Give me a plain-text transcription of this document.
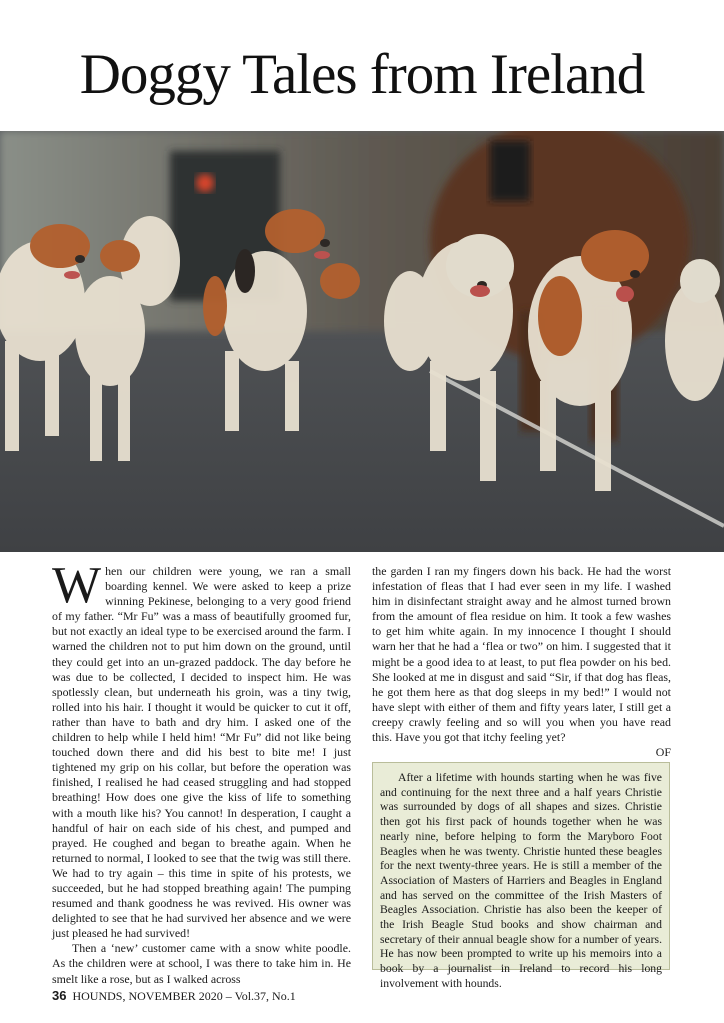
Doggy Tales from Ireland

When our children were young, we ran a small boarding kennel. We were asked to keep a prize winning Pekinese, belonging to a very good friend of my father. “Mr Fu” was a mass of beautifully groomed fur, but not exactly an ideal type to be exercised around the farm. I warned the children not to put him down on the ground, until they could get into an un-grazed paddock. The day before he was due to be collected, I decided to inspect him. He was spotlessly clean, but underneath his groin, was a tiny twig, rolled into his hair. I thought it would be quicker to cut it off, rather than have to bath and dry him. I asked one of the children to help while I held him! “Mr Fu” did not like being touched down there and did his best to bite me! I just tightened my grip on his collar, but before the operation was finished, I realised he had ceased struggling and had stopped breathing! How does one give the kiss of life to something with a mouth like his? You cannot! In desperation, I caught a handful of hair on each side of his chest, and pumped and prayed. He coughed and began to breathe again. When he returned to normal, I looked to see that the twig was still there. We had to try again – this time in spite of his protests, we succeeded, but he had stopped breathing again! The pumping resumed and thank goodness he was revived. His owner was delighted to see that he had survived her absence and we were just pleased he had survived!

Then a ‘new’ customer came with a snow white poodle. As the children were at school, I was there to take him in. He smelt like a rose, but as I walked across

the garden I ran my fingers down his back. He had the worst infestation of fleas that I had ever seen in my life. I washed him in disinfectant straight away and he almost turned brown from the amount of flea residue on him. It took a few washes to get him white again. In my innocence I thought I should warn her that he had a ‘flea or two” on him. I suggested that it might be a good idea to at least, to put flea powder on his bed. She looked at me in disgust and said “Sir, if that dog has fleas, he got them here as that dog sleeps in my bed!” I would not have slept with either of them and fifty years later, I still get a creepy crawly feeling and so will you when you have read this. Have you got that itchy feeling yet?

OF

After a lifetime with hounds starting when he was five and continuing for the next three and a half years Christie was surrounded by dogs of all shapes and sizes. Christie then got his first pack of hounds together when he was nearly nine, before helping to form the Maryboro Foot Beagles when he was twenty. Christie hunted these beagles for the next twenty-three years. He is still a member of the Association of Masters of Harriers and Beagles in England and has served on the committee of the Irish Masters of Beagles Association. Christie has also been the keeper of the Irish Beagle Stud books and show chairman and secretary of their annual beagle show for a number of years. He has now been prompted to write up his memoirs into a book by a journalist in Ireland to record his long involvement with hounds.

36 HOUNDS, NOVEMBER 2020 – Vol.37, No.1
